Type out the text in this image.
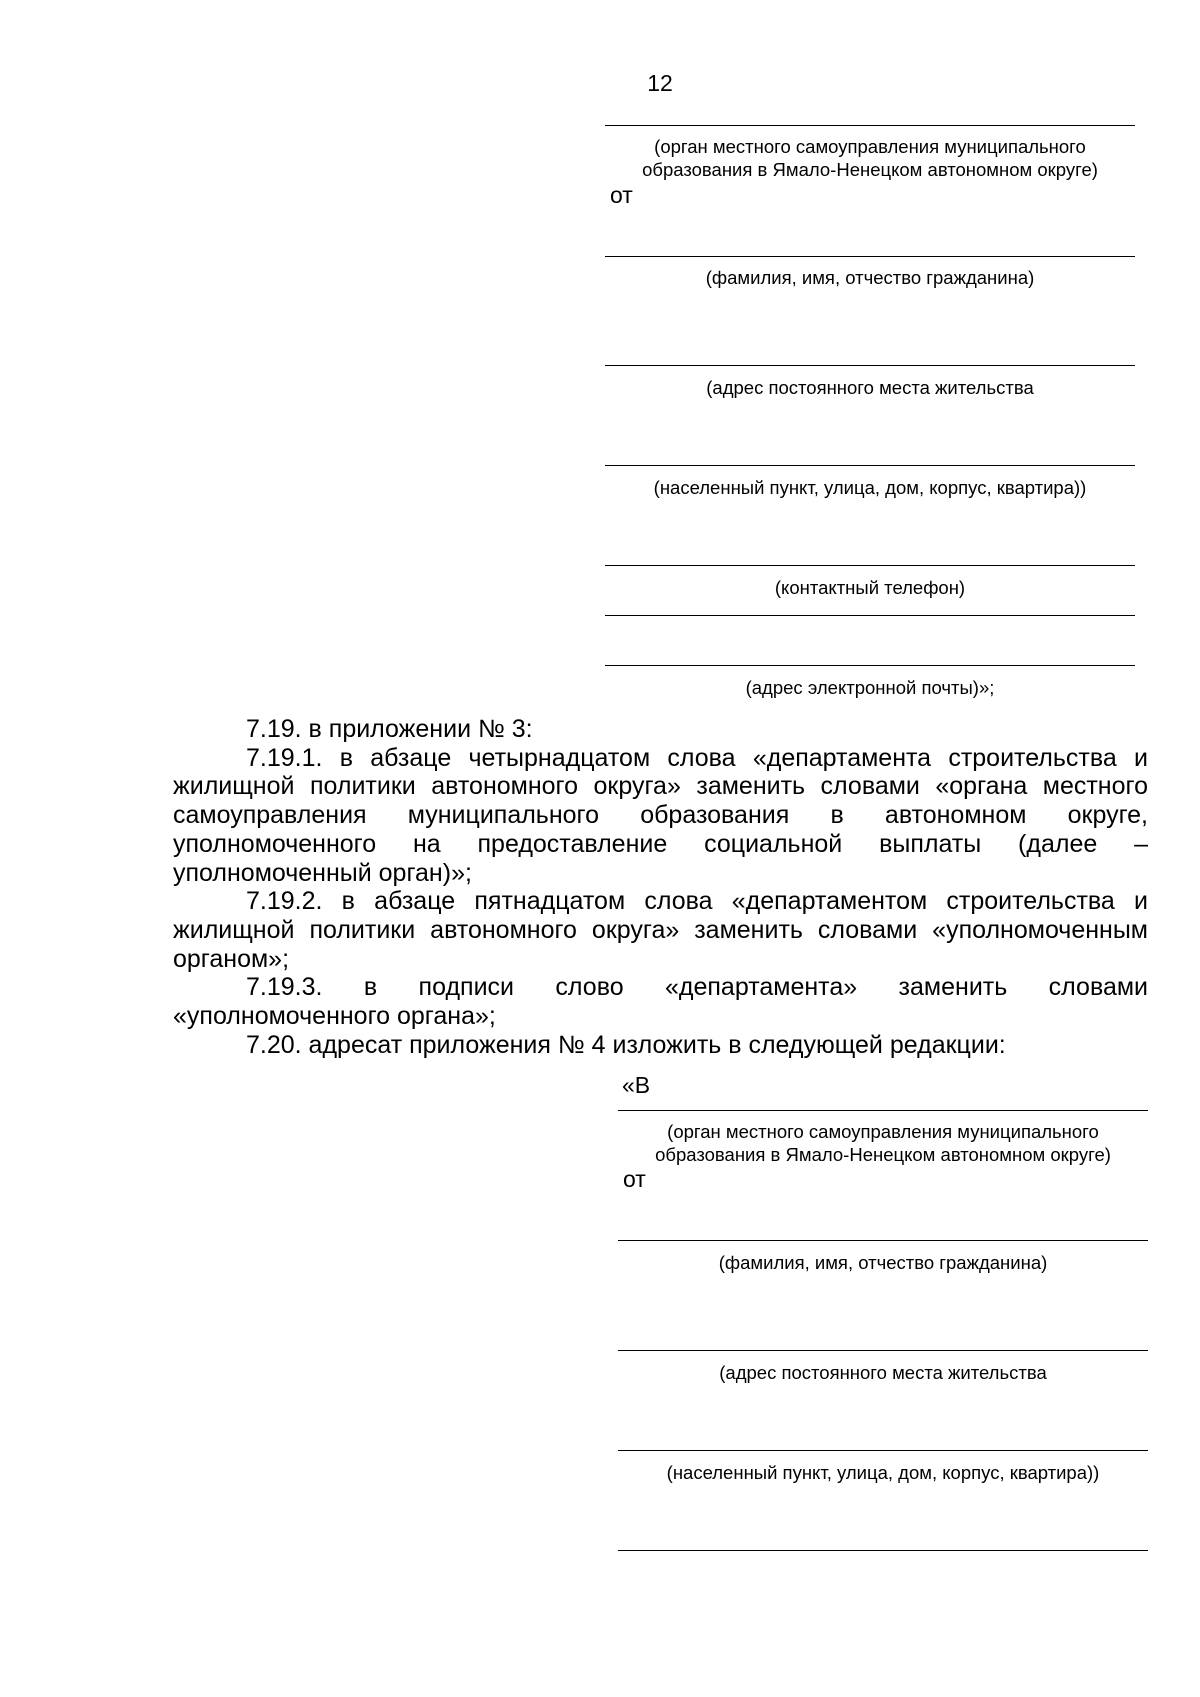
12
(орган местного самоуправления муниципального образования в Ямало-Ненецком автономном округе)
от
(фамилия, имя, отчество гражданина)
(адрес постоянного места жительства
(населенный пункт, улица, дом, корпус, квартира))
(контактный телефон)
(адрес электронной почты)»;

7.19. в приложении № 3:

7.19.1. в абзаце четырнадцатом слова «департамента строительства и жилищной политики автономного округа» заменить словами «органа местного самоуправления муниципального образования в автономном округе, уполномоченного на предоставление социальной выплаты (далее – уполномоченный орган)»;

7.19.2. в абзаце пятнадцатом слова «департаментом строительства и жилищной политики автономного округа» заменить словами «уполномоченным органом»;

7.19.3. в подписи слово «департамента» заменить словами «уполномоченного органа»;

7.20. адресат приложения № 4 изложить в следующей редакции:

«В
(орган местного самоуправления муниципального образования в Ямало-Ненецком автономном округе)
от
(фамилия, имя, отчество гражданина)
(адрес постоянного места жительства
(населенный пункт, улица, дом, корпус, квартира))
